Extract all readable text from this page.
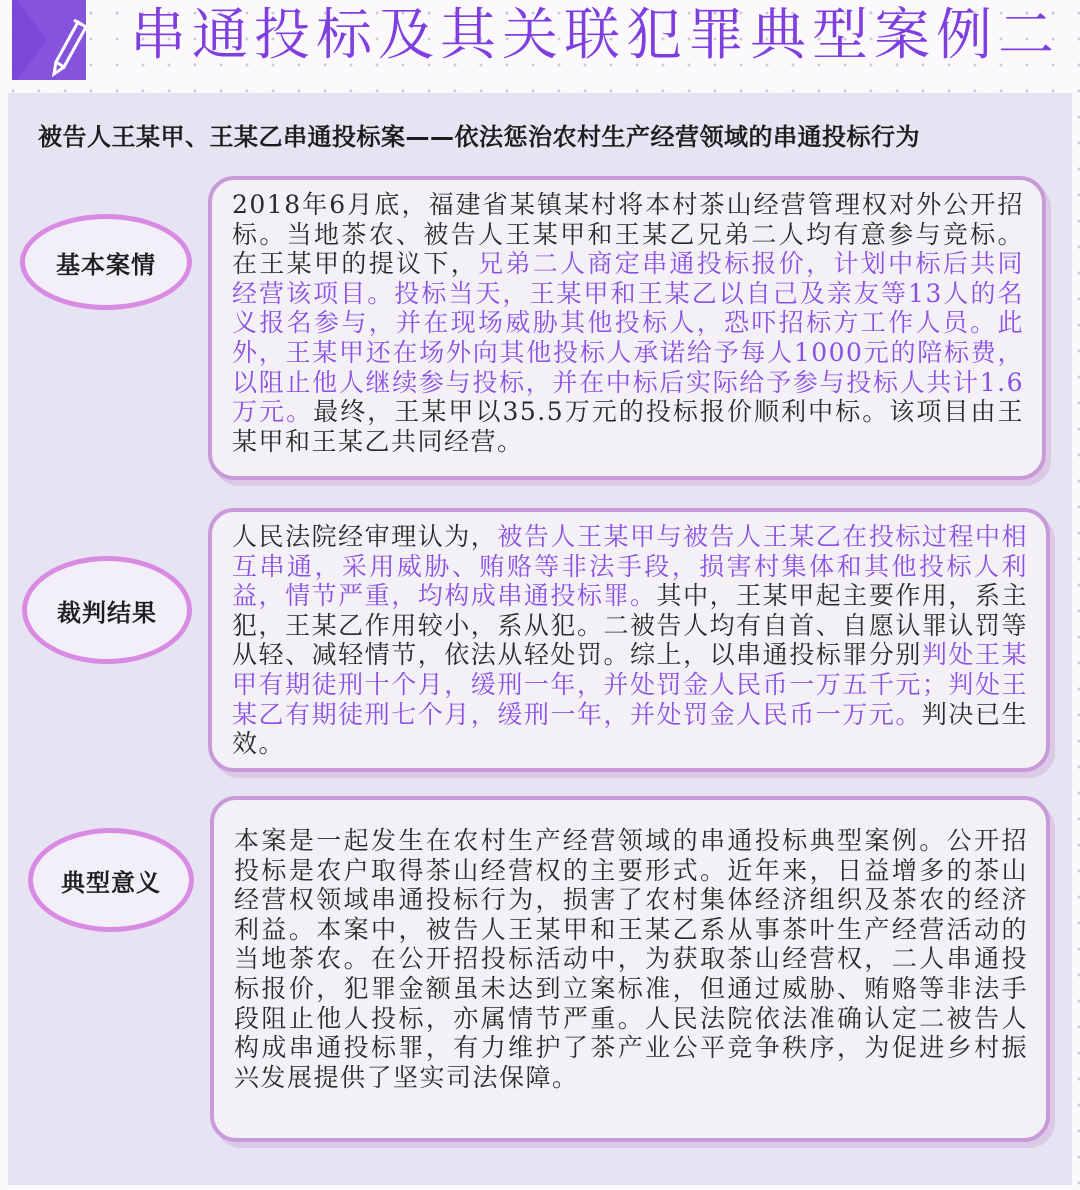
串通投标及其关联犯罪典型案例二
被告人王某甲、王某乙串通投标案——依法惩治农村生产经营领域的串通投标行为
基本案情

2018年6月底，福建省某镇某村将本村茶山经营管理权对外公开招标。当地茶农、被告人王某甲和王某乙兄弟二人均有意参与竞标。在王某甲的提议下，兄弟二人商定串通投标报价，计划中标后共同经营该项目。投标当天，王某甲和王某乙以自己及亲友等13人的名义报名参与，并在现场威胁其他投标人，恐吓招标方工作人员。此外，王某甲还在场外向其他投标人承诺给予每人1000元的陪标费，以阻止他人继续参与投标，并在中标后实际给予参与投标人共计1.6万元。最终，王某甲以35.5万元的投标报价顺利中标。该项目由王某甲和王某乙共同经营。

裁判结果

人民法院经审理认为，被告人王某甲与被告人王某乙在投标过程中相互串通，采用威胁、贿赂等非法手段，损害村集体和其他投标人利益，情节严重，均构成串通投标罪。其中，王某甲起主要作用，系主犯，王某乙作用较小，系从犯。二被告人均有自首、自愿认罪认罚等从轻、减轻情节，依法从轻处罚。综上，以串通投标罪分别判处王某甲有期徒刑十个月，缓刑一年，并处罚金人民币一万五千元；判处王某乙有期徒刑七个月，缓刑一年，并处罚金人民币一万元。判决已生效。

典型意义

本案是一起发生在农村生产经营领域的串通投标典型案例。公开招投标是农户取得茶山经营权的主要形式。近年来，日益增多的茶山经营权领域串通投标行为，损害了农村集体经济组织及茶农的经济利益。本案中，被告人王某甲和王某乙系从事茶叶生产经营活动的当地茶农。在公开招投标活动中，为获取茶山经营权，二人串通投标报价，犯罪金额虽未达到立案标准，但通过威胁、贿赂等非法手段阻止他人投标，亦属情节严重。人民法院依法准确认定二被告人构成串通投标罪，有力维护了茶产业公平竞争秩序，为促进乡村振兴发展提供了坚实司法保障。
